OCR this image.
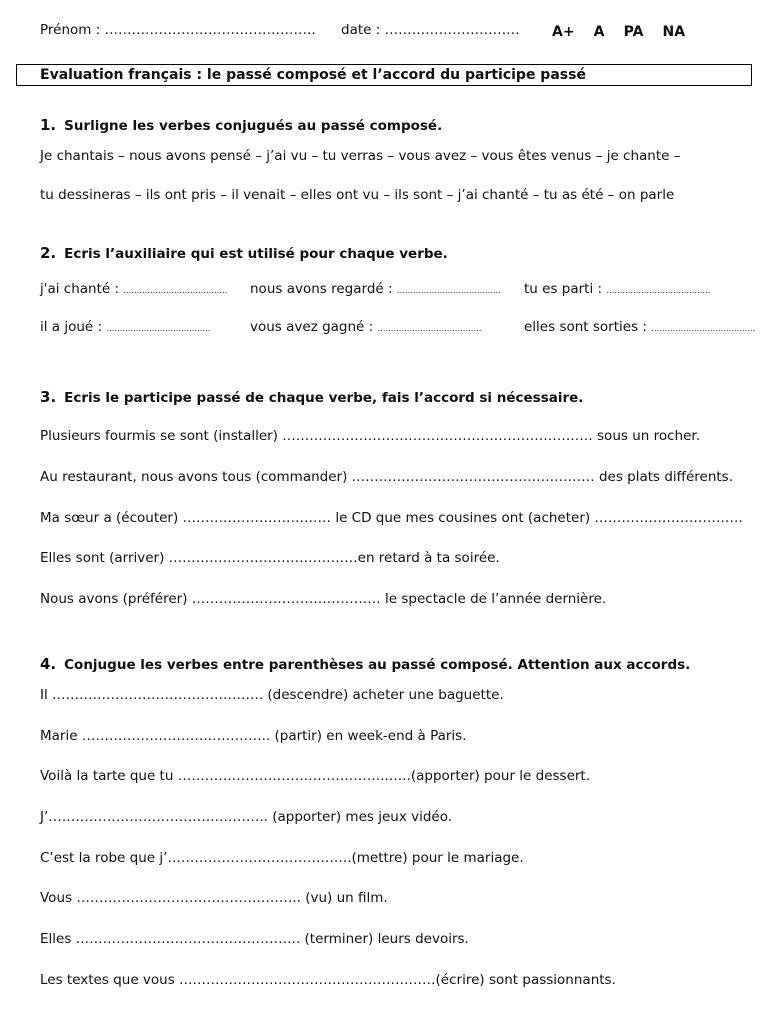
Prénom : ……………………………………….. date : ………………………… A+ A PA NA
Evaluation français : le passé composé et l’accord du participe passé
1. Surligne les verbes conjugués au passé composé.
Je chantais – nous avons pensé – j’ai vu – tu verras – vous avez – vous êtes venus – je chante –
tu dessineras – ils ont pris – il venait – elles ont vu – ils sont – j’ai chanté – tu as été – on parle
2. Ecris l’auxiliaire qui est utilisé pour chaque verbe.
j'ai chanté : ………………………………… nous avons regardé : ………………………………… tu es parti : …………………………………
il a joué : …………………………………	vous avez gagné : …………………………………	elles sont sorties : …………………………………
3. Ecris le participe passé de chaque verbe, fais l’accord si nécessaire.
Plusieurs fourmis se sont (installer) …………………………………………………………… sous un rocher.
Au restaurant, nous avons tous (commander) ……………………………………………… des plats différents.
Ma sœur a (écouter) …………………………… le CD que mes cousines ont (acheter) ……………………………
Elles sont (arriver) ……………………………………en retard à ta soirée.
Nous avons (préférer) …………………………………… le spectacle de l’année dernière.
4. Conjugue les verbes entre parenthèses au passé composé. Attention aux accords.
Il ……………………………………….. (descendre) acheter une baguette.
Marie ……………………….………….. (partir) en week-end à Paris.
Voilà la tarte que tu ………………………………………..…..(apporter) pour le dessert.
J’………………………………..……….. (apporter) mes jeux vidéo.
C’est la robe que j’…………………………………..(mettre) pour le mariage.
Vous ………………………………………….. (vu) un film.
Elles ………………………………………….. (terminer) leurs devoirs.
Les textes que vous …………………………………………………(écrire) sont passionnants.
